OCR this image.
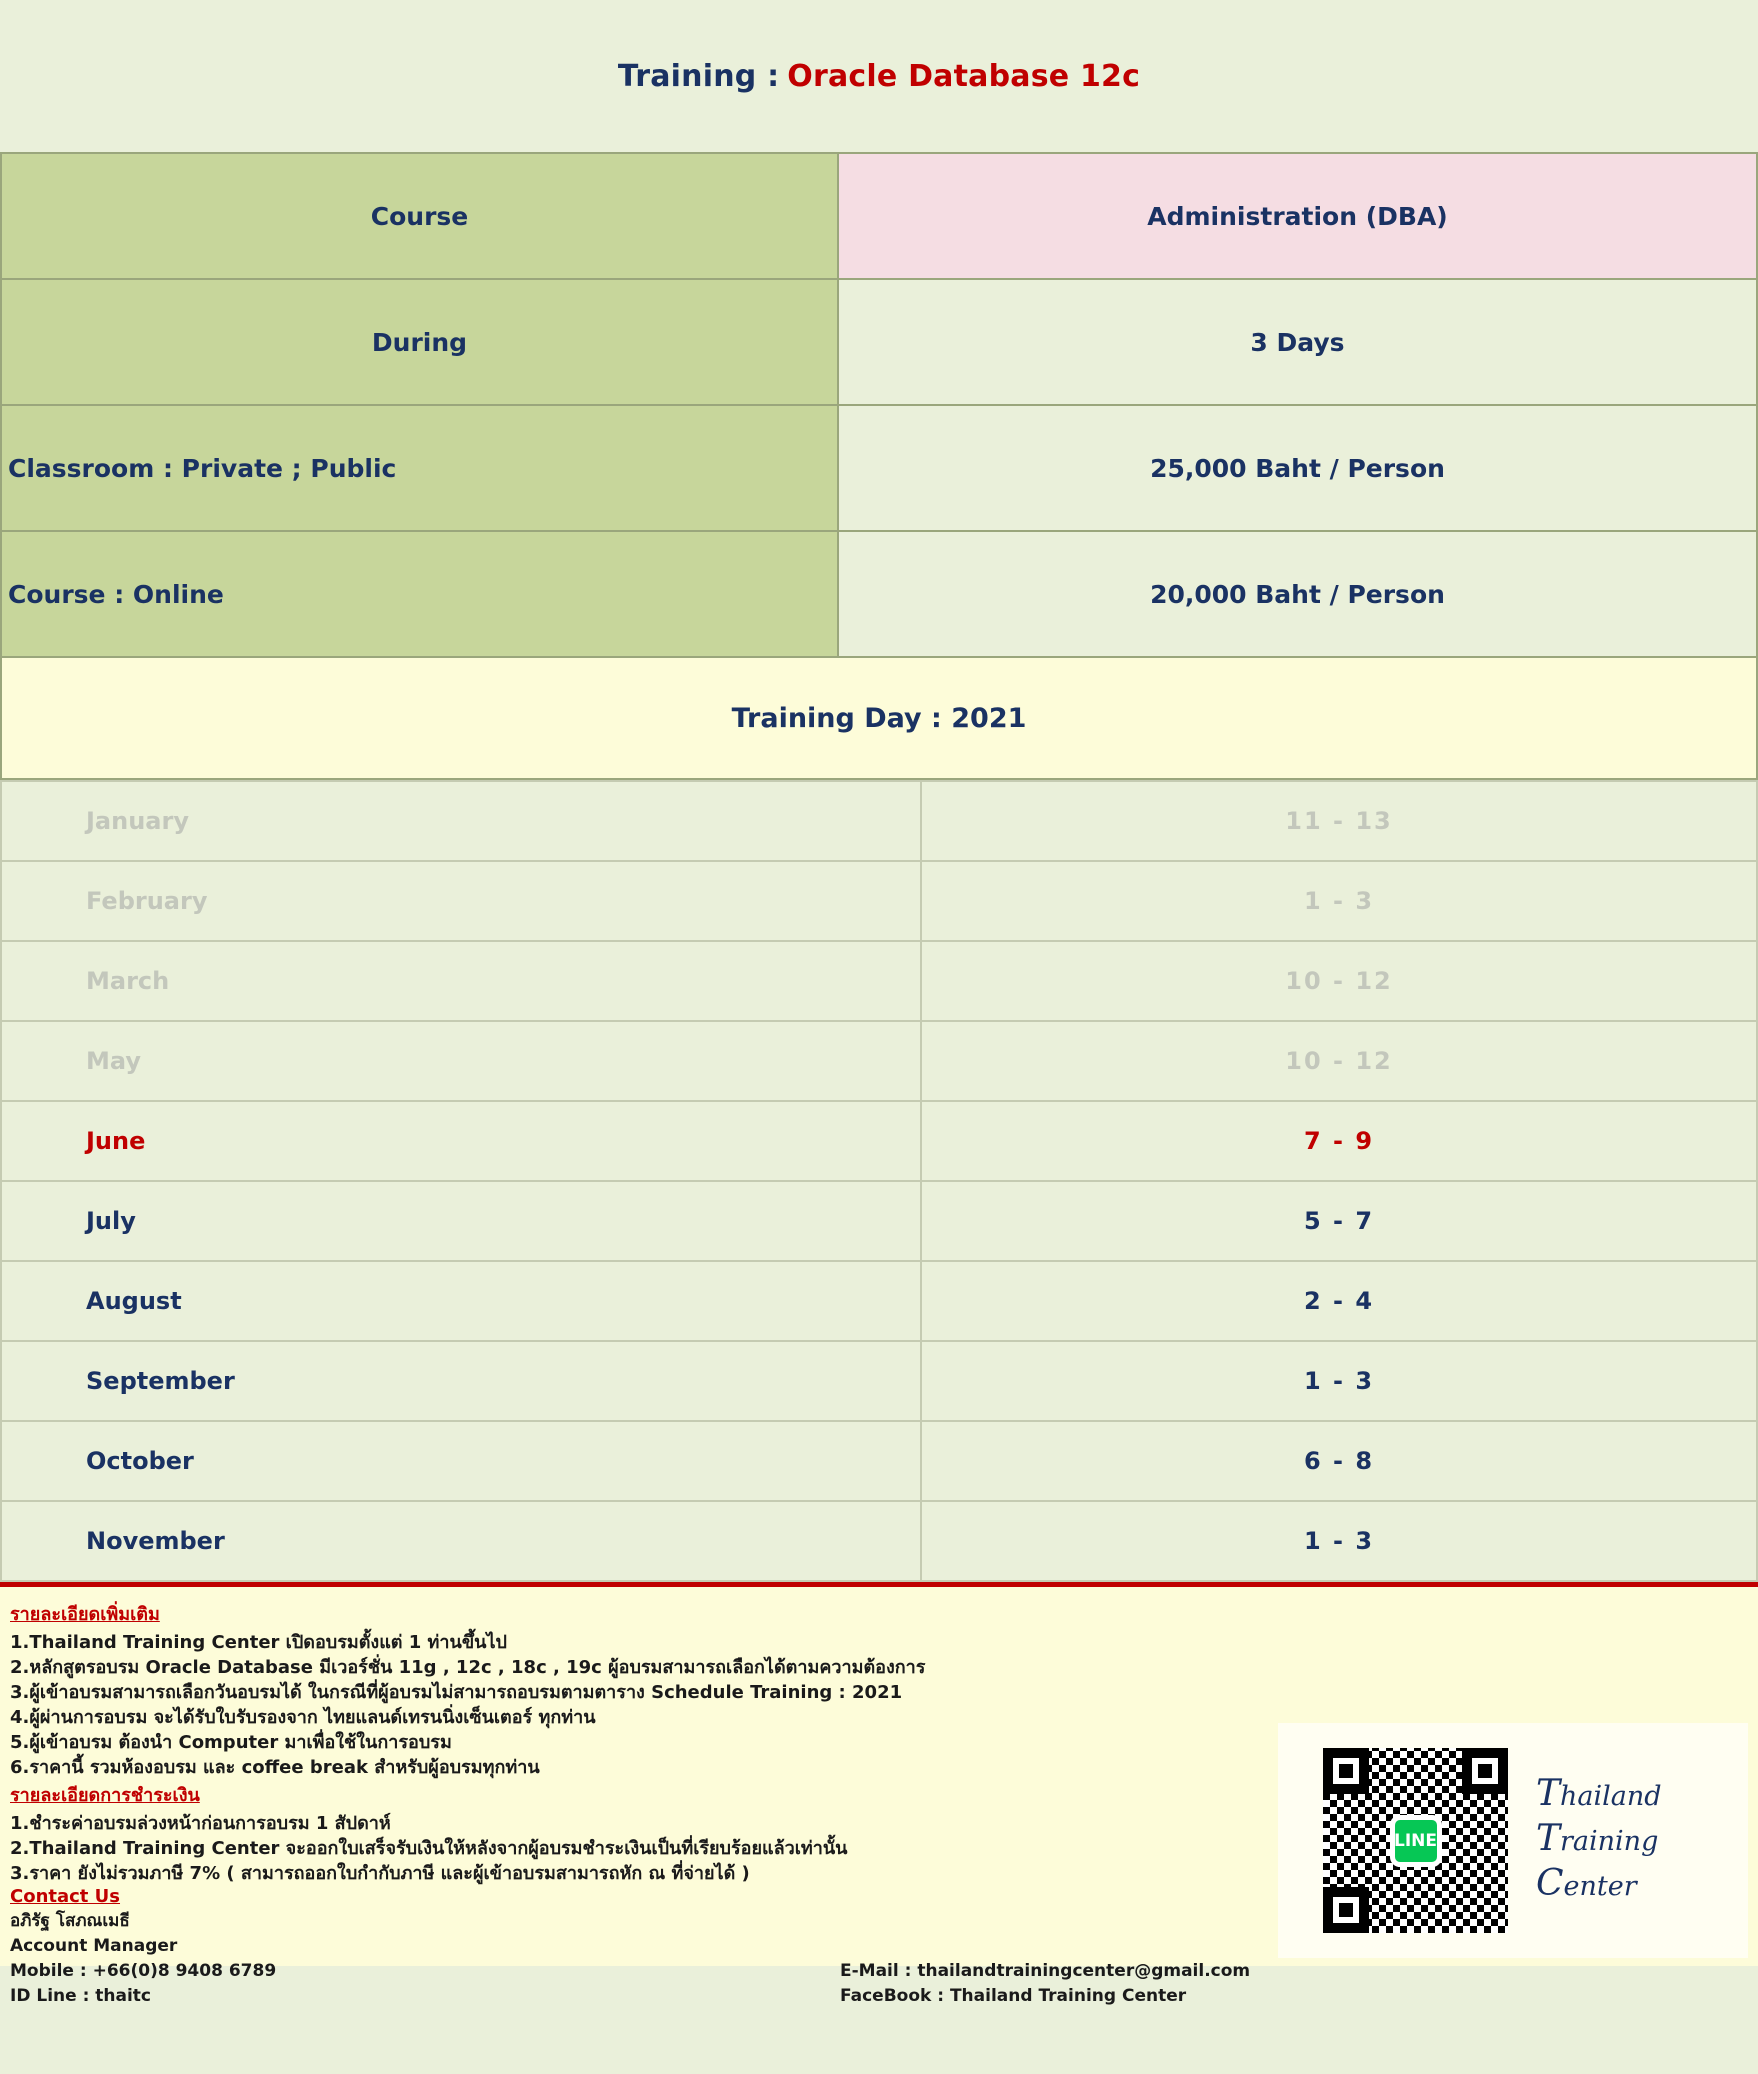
Training : Oracle Database 12c
Course	Administration (DBA)
During	3 Days
Classroom : Private ; Public	25,000 Baht / Person
Course : Online	20,000 Baht / Person
Training Day : 2021
January	11 - 13
February	1 - 3
March	10 - 12
May	10 - 12
June	7 - 9
July	5 - 7
August	2 - 4
September	1 - 3
October	6 - 8
November	1 - 3
รายละเอียดเพิ่มเติม
1.Thailand Training Center เปิดอบรมตั้งแต่ 1 ท่านขึ้นไป
2.หลักสูตรอบรม Oracle Database มีเวอร์ชั่น 11g , 12c , 18c , 19c ผู้อบรมสามารถเลือกได้ตามความต้องการ
3.ผู้เข้าอบรมสามารถเลือกวันอบรมได้ ในกรณีที่ผู้อบรมไม่สามารถอบรมตามตาราง Schedule Training : 2021
4.ผู้ผ่านการอบรม จะได้รับใบรับรองจาก ไทยแลนด์เทรนนิ่งเซ็นเตอร์ ทุกท่าน
5.ผู้เข้าอบรม ต้องนำ Computer มาเพื่อใช้ในการอบรม
6.ราคานี้ รวมห้องอบรม และ coffee break สำหรับผู้อบรมทุกท่าน
รายละเอียดการชำระเงิน
1.ชำระค่าอบรมล่วงหน้าก่อนการอบรม 1 สัปดาห์
2.Thailand Training Center จะออกใบเสร็จรับเงินให้หลังจากผู้อบรมชำระเงินเป็นที่เรียบร้อยแล้วเท่านั้น
3.ราคา ยังไม่รวมภาษี 7% ( สามารถออกใบกำกับภาษี และผู้เข้าอบรมสามารถหัก ณ ที่จ่ายได้ )
Contact Us
อภิรัฐ โสภณเมธี
Account Manager
Mobile : +66(0)8 9408 6789
ID Line : thaitc
E-Mail : thailandtrainingcenter@gmail.com
FaceBook : Thailand Training Center
LINE
Thailand
Training
Center
